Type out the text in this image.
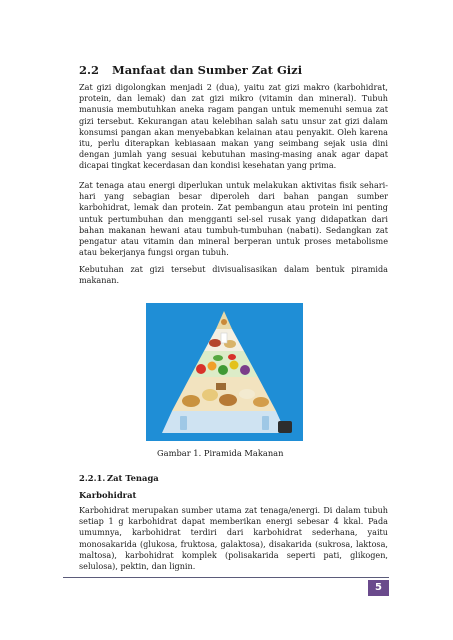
2.2 Manfaat dan Sumber Zat Gizi

Zat gizi digolongkan menjadi 2 (dua), yaitu zat gizi makro (karbohidrat, protein, dan lemak) dan zat gizi mikro (vitamin dan mineral). Tubuh manusia membutuhkan aneka ragam pangan untuk memenuhi semua zat gizi tersebut. Kekurangan atau kelebihan salah satu unsur zat gizi dalam konsumsi pangan akan menyebabkan kelainan atau penyakit. Oleh karena itu, perlu diterapkan kebiasaan makan yang seimbang sejak usia dini dengan jumlah yang sesuai kebutuhan masing-masing anak agar dapat dicapai tingkat kecerdasan dan kondisi kesehatan yang prima.

Zat tenaga atau energi diperlukan untuk melakukan aktivitas fisik sehari-hari yang sebagian besar diperoleh dari bahan pangan sumber karbohidrat, lemak dan protein. Zat pembangun atau protein ini penting untuk pertumbuhan dan mengganti sel-sel rusak yang didapatkan dari bahan makanan hewani atau tumbuh-tumbuhan (nabati). Sedangkan zat pengatur atau vitamin dan mineral berperan untuk proses metabolisme atau bekerjanya fungsi organ tubuh.

Kebutuhan zat gizi tersebut divisualisasikan dalam bentuk piramida makanan.

Gambar 1. Piramida Makanan
2.2.1. Zat Tenaga
Karbohidrat

Karbohidrat merupakan sumber utama zat tenaga/energi. Di dalam tubuh setiap 1 g karbohidrat dapat memberikan energi sebesar 4 kkal. Pada umumnya, karbohidrat terdiri dari karbohidrat sederhana, yaitu monosakarida (glukosa, fruktosa, galaktosa), disakarida (sukrosa, laktosa, maltosa), karbohidrat komplek (polisakarida seperti pati, glikogen, selulosa), pektin, dan lignin.

5
